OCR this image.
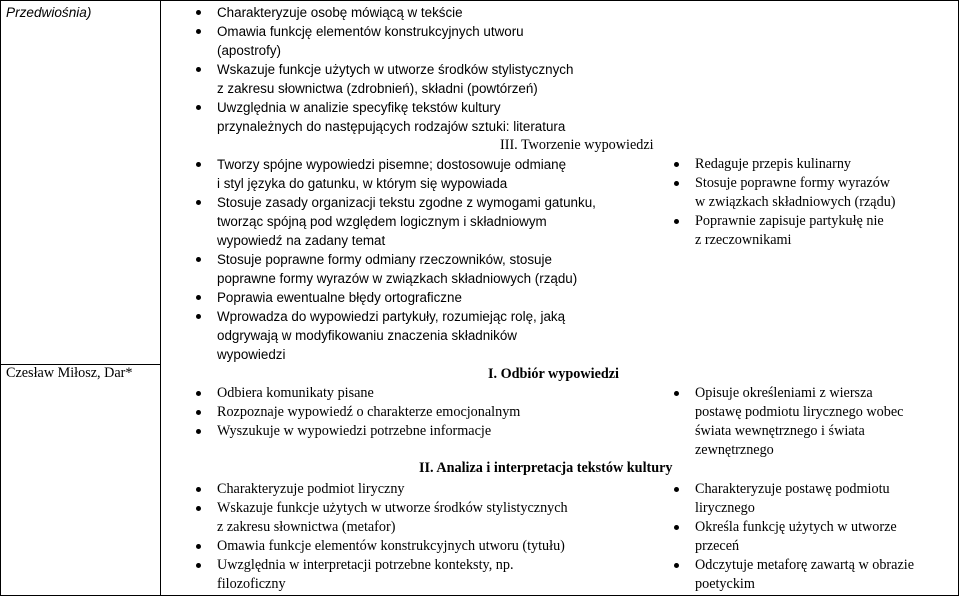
Przedwiośnia)
Czesław Miłosz, Dar*
Charakteryzuje osobę mówiącą w tekście
Omawia funkcję elementów konstrukcyjnych utworu
(apostrofy)
Wskazuje funkcje użytych w utworze środków stylistycznych
z zakresu słownictwa (zdrobnień), składni (powtórzeń)
Uwzględnia w analizie specyfikę tekstów kultury
przynależnych do następujących rodzajów sztuki: literatura
III. Tworzenie wypowiedzi
Tworzy spójne wypowiedzi pisemne; dostosowuje odmianę
i styl języka do gatunku, w którym się wypowiada
Stosuje zasady organizacji tekstu zgodne z wymogami gatunku,
tworząc spójną pod względem logicznym i składniowym
wypowiedź na zadany temat
Stosuje poprawne formy odmiany rzeczowników, stosuje
poprawne formy wyrazów w związkach składniowych (rządu)
Poprawia ewentualne błędy ortograficzne
Wprowadza do wypowiedzi partykuły, rozumiejąc rolę, jaką
odgrywają w modyfikowaniu znaczenia składników
wypowiedzi
Redaguje przepis kulinarny
Stosuje poprawne formy wyrazów
w związkach składniowych (rządu)
Poprawnie zapisuje partykułę nie
z rzeczownikami
I. Odbiór wypowiedzi
Odbiera komunikaty pisane
Rozpoznaje wypowiedź o charakterze emocjonalnym
Wyszukuje w wypowiedzi potrzebne informacje
Opisuje określeniami z wiersza
postawę podmiotu lirycznego wobec
świata wewnętrznego i świata
zewnętrznego
II. Analiza i interpretacja tekstów kultury
Charakteryzuje podmiot liryczny
Wskazuje funkcje użytych w utworze środków stylistycznych
z zakresu słownictwa (metafor)
Omawia funkcje elementów konstrukcyjnych utworu (tytułu)
Uwzględnia w interpretacji potrzebne konteksty, np.
filozoficzny
Charakteryzuje postawę podmiotu
lirycznego
Określa funkcję użytych w utworze
przeceń
Odczytuje metaforę zawartą w obrazie
poetyckim
